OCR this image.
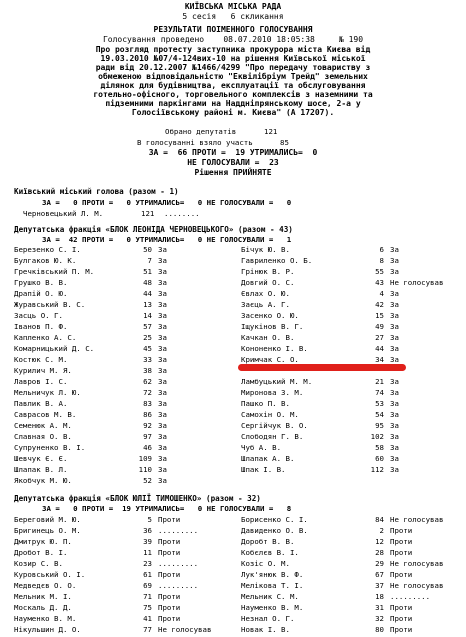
КИЇВСЬКА МІСЬКА РАДА
5 сесія   6 скликання
РЕЗУЛЬТАТИ ПОІМЕННОГО ГОЛОСУВАННЯ
Голосування проведено    08.07.2010 18:05:38     № 190
Про розгляд протесту заступника прокурора міста Києва від
19.03.2010 №07/4-124вих-10 на рішення Київської міської
ради від 20.12.2007 №1466/4299 "Про передачу товариству з
обмеженою відповідальністю "Еквілібріум Трейд" земельних
ділянок для будівництва, експлуатації та обслуговування
готельно-офісного, торговельного комплексів з наземними та
підземними паркінгами на Надднiпрянському шосе, 2-а у
Голосіївському районі м. Києва" (А 17207).
Обрано депутатів	121
В голосуванні взяло участь	85
ЗА =  66 ПРОТИ =  19 УТРИМАЛИСЬ=  0
НЕ ГОЛОСУВАЛИ =  23
Рішення ПРИЙНЯТЕ
Київський міський голова (разом - 1)
ЗА =   0 ПРОТИ =   0 УТРИМАЛИСЬ=   0 НЕ ГОЛОСУВАЛИ =   0
Черновецький Л. М.	121 ........
Депутатська фракція «БЛОК ЛЕОНІДА ЧЕРНОВЕЦЬКОГО» (разом - 43)
ЗА =  42 ПРОТИ =   0 УТРИМАЛИСЬ=   0 НЕ ГОЛОСУВАЛИ =   1
Березенко С. І.	50 За	Бічук Ю. В.	6 За
Булгаков Ю. К.	7 За	Гавриленко О. Б.	8 За
Гречківський П. М.	51 За	Грінюк В. Р.	55 За
Грушко В. В.	48 За	Довгий О. С.	43 Не голосував
Драпій О. Ю.	44 За	Євлах О. Ю.	4 За
Журавський В. С.	13 За	Заєць А. Г.	42 За
Засць О. Г.	14 За	Засенко О. Ю.	15 За
Іванов П. Ф.	57 За	Іщукінов В. Г.	49 За
Капленко А. С.	25 За	Качкан О. В.	27 За
Комарницький Д. С.	45 За	Кононенко І. В.	44 За
Костюк С. М.	33 За	Кримчак С. О.	34 За
Курилич М. Я.	38 За
Лавров І. С.	62 За	Ламбуцький М. М.	21 За
Мельничук Л. Ю.	72 За	Миронова З. М.	74 За
Павлик В. А.	83 За	Пашко П. В.	53 За
Савраcов М. В.	86 За	Самохін О. М.	54 За
Семенюк А. М.	92 За	Сергійчук В. О.	95 За
Славная О. В.	97 За	Слободян Г. В.	102 За
Супруненко В. І.	46 За	Чуб А. В.	58 За
Шевчук Є. Є.	109 За	Шлапак А. В.	60 За
Шлапак В. Л.	110 За	Шпак І. В.	112 За
Якобчук М. Ю.	52 За
Депутатська фракція «БЛОК ЮЛІЇ ТИМОШЕНКО» (разом - 32)
ЗА =   0 ПРОТИ =  19 УТРИМАЛИСЬ=   0 НЕ ГОЛОСУВАЛИ =   8
Береговий М. Ю.	5 Проти	Борисенко С. І.	84 Не голосував
Бригинець О. М.	36 .........	Давиденко О. В.	2 Проти
Дмитрук Ю. П.	39 Проти	Доробт В. В.	12 Проти
Дробот В. І.	11 Проти	Кобєлєв В. І.	28 Проти
Козир С. В.	23 .........	Козіс О. М.	29 Не голосував
Куровський О. І.	61 Проти	Лук'янюк В. Ф.	67 Проти
Медведєв О. О.	69 .........	Мелікова Т. І.	37 Не голосував
Мельник М. І.	71 Проти	Мельник С. М.	18 .........
Москаль Д. Д.	75 Проти	Науменко В. М.	31 Проти
Науменко В. М.	41 Проти	Незнал О. Г.	32 Проти
Нікульшин Д. О.	77 Не голосував	Новак І. В.	80 Проти
